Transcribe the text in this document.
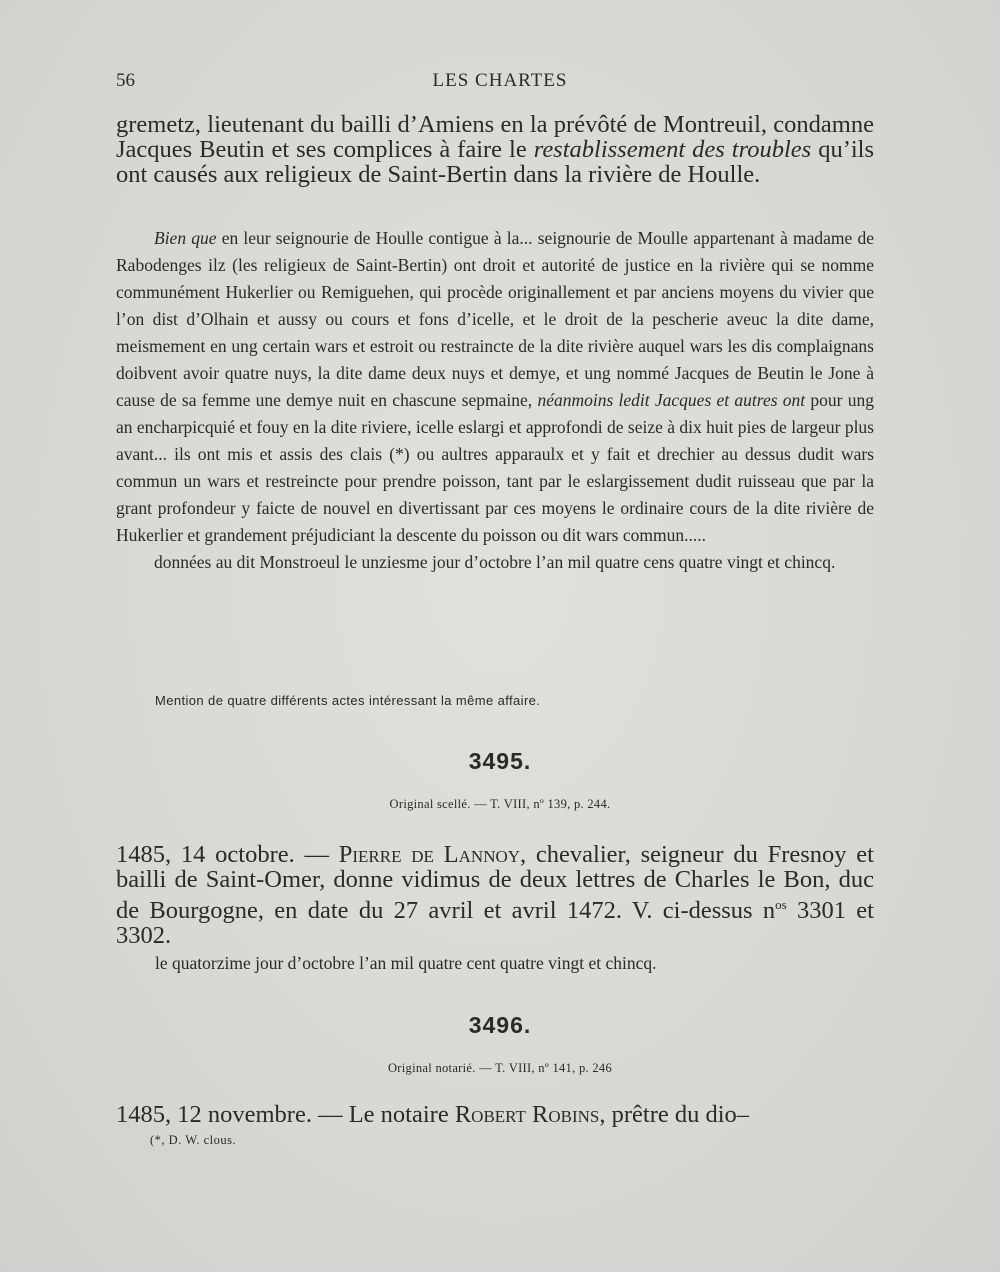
56	LES CHARTES
gremetz, lieutenant du bailli d’Amiens en la prévôté de Montreuil, condamne Jacques Beutin et ses complices à faire le restablissement des troubles qu’ils ont causés aux religieux de Saint-Bertin dans la rivière de Houlle.

Bien que en leur seignourie de Houlle contigue à la... seignourie de Moulle appartenant à madame de Rabodenges ilz (les religieux de Saint-Bertin) ont droit et autorité de justice en la rivière qui se nomme communément Hukerlier ou Remiguehen, qui procède originallement et par anciens moyens du vivier que l’on dist d’Olhain et aussy ou cours et fons d’icelle, et le droit de la pescherie aveuc la dite dame, meismement en ung certain wars et estroit ou restraincte de la dite rivière auquel wars les dis complaignans doibvent avoir quatre nuys, la dite dame deux nuys et demye, et ung nommé Jacques de Beutin le Jone à cause de sa femme une demye nuit en chascune sepmaine, néanmoins ledit Jacques et autres ont pour ung an encharpicquié et fouy en la dite riviere, icelle eslargi et approfondi de seize à dix huit pies de largeur plus avant... ils ont mis et assis des clais (*) ou aultres apparaulx et y fait et drechier au dessus dudit wars commun un wars et restreincte pour prendre poisson, tant par le eslargissement dudit ruisseau que par la grant profondeur y faicte de nouvel en divertissant par ces moyens le ordinaire cours de la dite rivière de Hukerlier et grandement préjudiciant la descente du poisson ou dit wars commun.....

données au dit Monstroeul le unziesme jour d’octobre l’an mil quatre cens quatre vingt et chincq.

Mention de quatre différents actes intéressant la même affaire.
3495.
Original scellé. — T. VIII, nº 139, p. 244.
1485, 14 octobre. — Pierre de Lannoy, chevalier, seigneur du Fresnoy et bailli de Saint-Omer, donne vidimus de deux lettres de Charles le Bon, duc de Bourgogne, en date du 27 avril et avril 1472. V. ci-dessus $n^{os}$ 3301 et 3302.
le quatorzime jour d’octobre l’an mil quatre cent quatre vingt et chincq.
3496.
Original notarié. — T. VIII, nº 141, p. 246
1485, 12 novembre. — Le notaire Robert Robins, prêtre du dio–
(*, D. W. clous.
